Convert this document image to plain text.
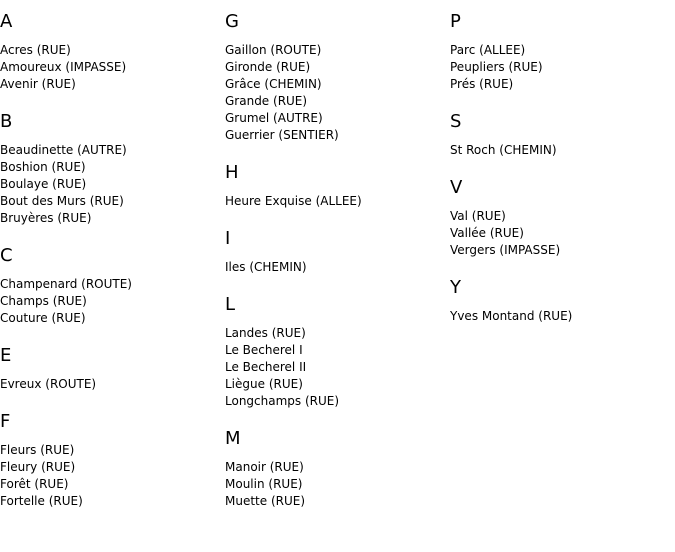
A
Acres (RUE)
Amoureux (IMPASSE)
Avenir (RUE)
B
Beaudinette (AUTRE)
Boshion (RUE)
Boulaye (RUE)
Bout des Murs (RUE)
Bruyères (RUE)
C
Champenard (ROUTE)
Champs (RUE)
Couture (RUE)
E
Evreux (ROUTE)
F
Fleurs (RUE)
Fleury (RUE)
Forêt (RUE)
Fortelle (RUE)
G
Gaillon (ROUTE)
Gironde (RUE)
Grâce (CHEMIN)
Grande (RUE)
Grumel (AUTRE)
Guerrier (SENTIER)
H
Heure Exquise (ALLEE)
I
Iles (CHEMIN)
L
Landes (RUE)
Le Becherel I
Le Becherel II
Liègue (RUE)
Longchamps (RUE)
M
Manoir (RUE)
Moulin (RUE)
Muette (RUE)
P
Parc (ALLEE)
Peupliers (RUE)
Prés (RUE)
S
St Roch (CHEMIN)
V
Val (RUE)
Vallée (RUE)
Vergers (IMPASSE)
Y
Yves Montand (RUE)
